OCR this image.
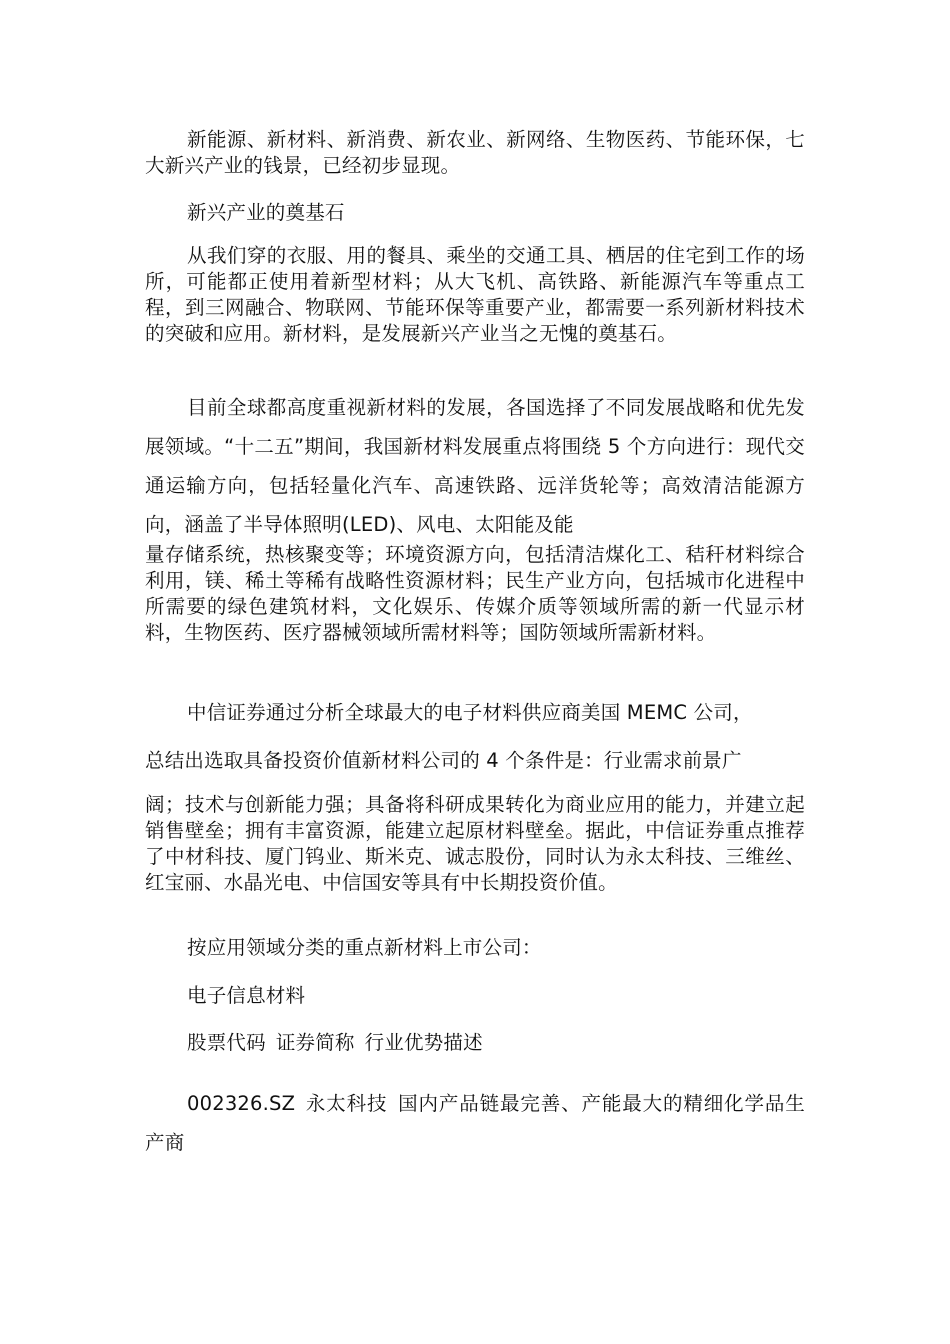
新能源、新材料、新消费、新农业、新网络、生物医药、节能环保，七大新兴产业的钱景，已经初步显现。

新兴产业的奠基石

从我们穿的衣服、用的餐具、乘坐的交通工具、栖居的住宅到工作的场所，可能都正使用着新型材料；从大飞机、高铁路、新能源汽车等重点工程，到三网融合、物联网、节能环保等重要产业，都需要一系列新材料技术的突破和应用。新材料，是发展新兴产业当之无愧的奠基石。

目前全球都高度重视新材料的发展，各国选择了不同发展战略和优先发展领域。“十二五”期间，我国新材料发展重点将围绕 5 个方向进行：现代交通运输方向，包括轻量化汽车、高速铁路、远洋货轮等；高效清洁能源方向，涵盖了半导体照明(LED)、风电、太阳能及能

量存储系统，热核聚变等；环境资源方向，包括清洁煤化工、秸秆材料综合利用，镁、稀土等稀有战略性资源材料；民生产业方向，包括城市化进程中所需要的绿色建筑材料，文化娱乐、传媒介质等领域所需的新一代显示材料，生物医药、医疗器械领域所需材料等；国防领域所需新材料。

中信证券通过分析全球最大的电子材料供应商美国 MEMC 公司，

总结出选取具备投资价值新材料公司的 4 个条件是：行业需求前景广

阔；技术与创新能力强；具备将科研成果转化为商业应用的能力，并建立起销售壁垒；拥有丰富资源，能建立起原材料壁垒。据此，中信证券重点推荐了中材科技、厦门钨业、斯米克、诚志股份，同时认为永太科技、三维丝、红宝丽、水晶光电、中信国安等具有中长期投资价值。

按应用领域分类的重点新材料上市公司：

电子信息材料

股票代码 证券简称 行业优势描述

002326.SZ 永太科技 国内产品链最完善、产能最大的精细化学品生产商
